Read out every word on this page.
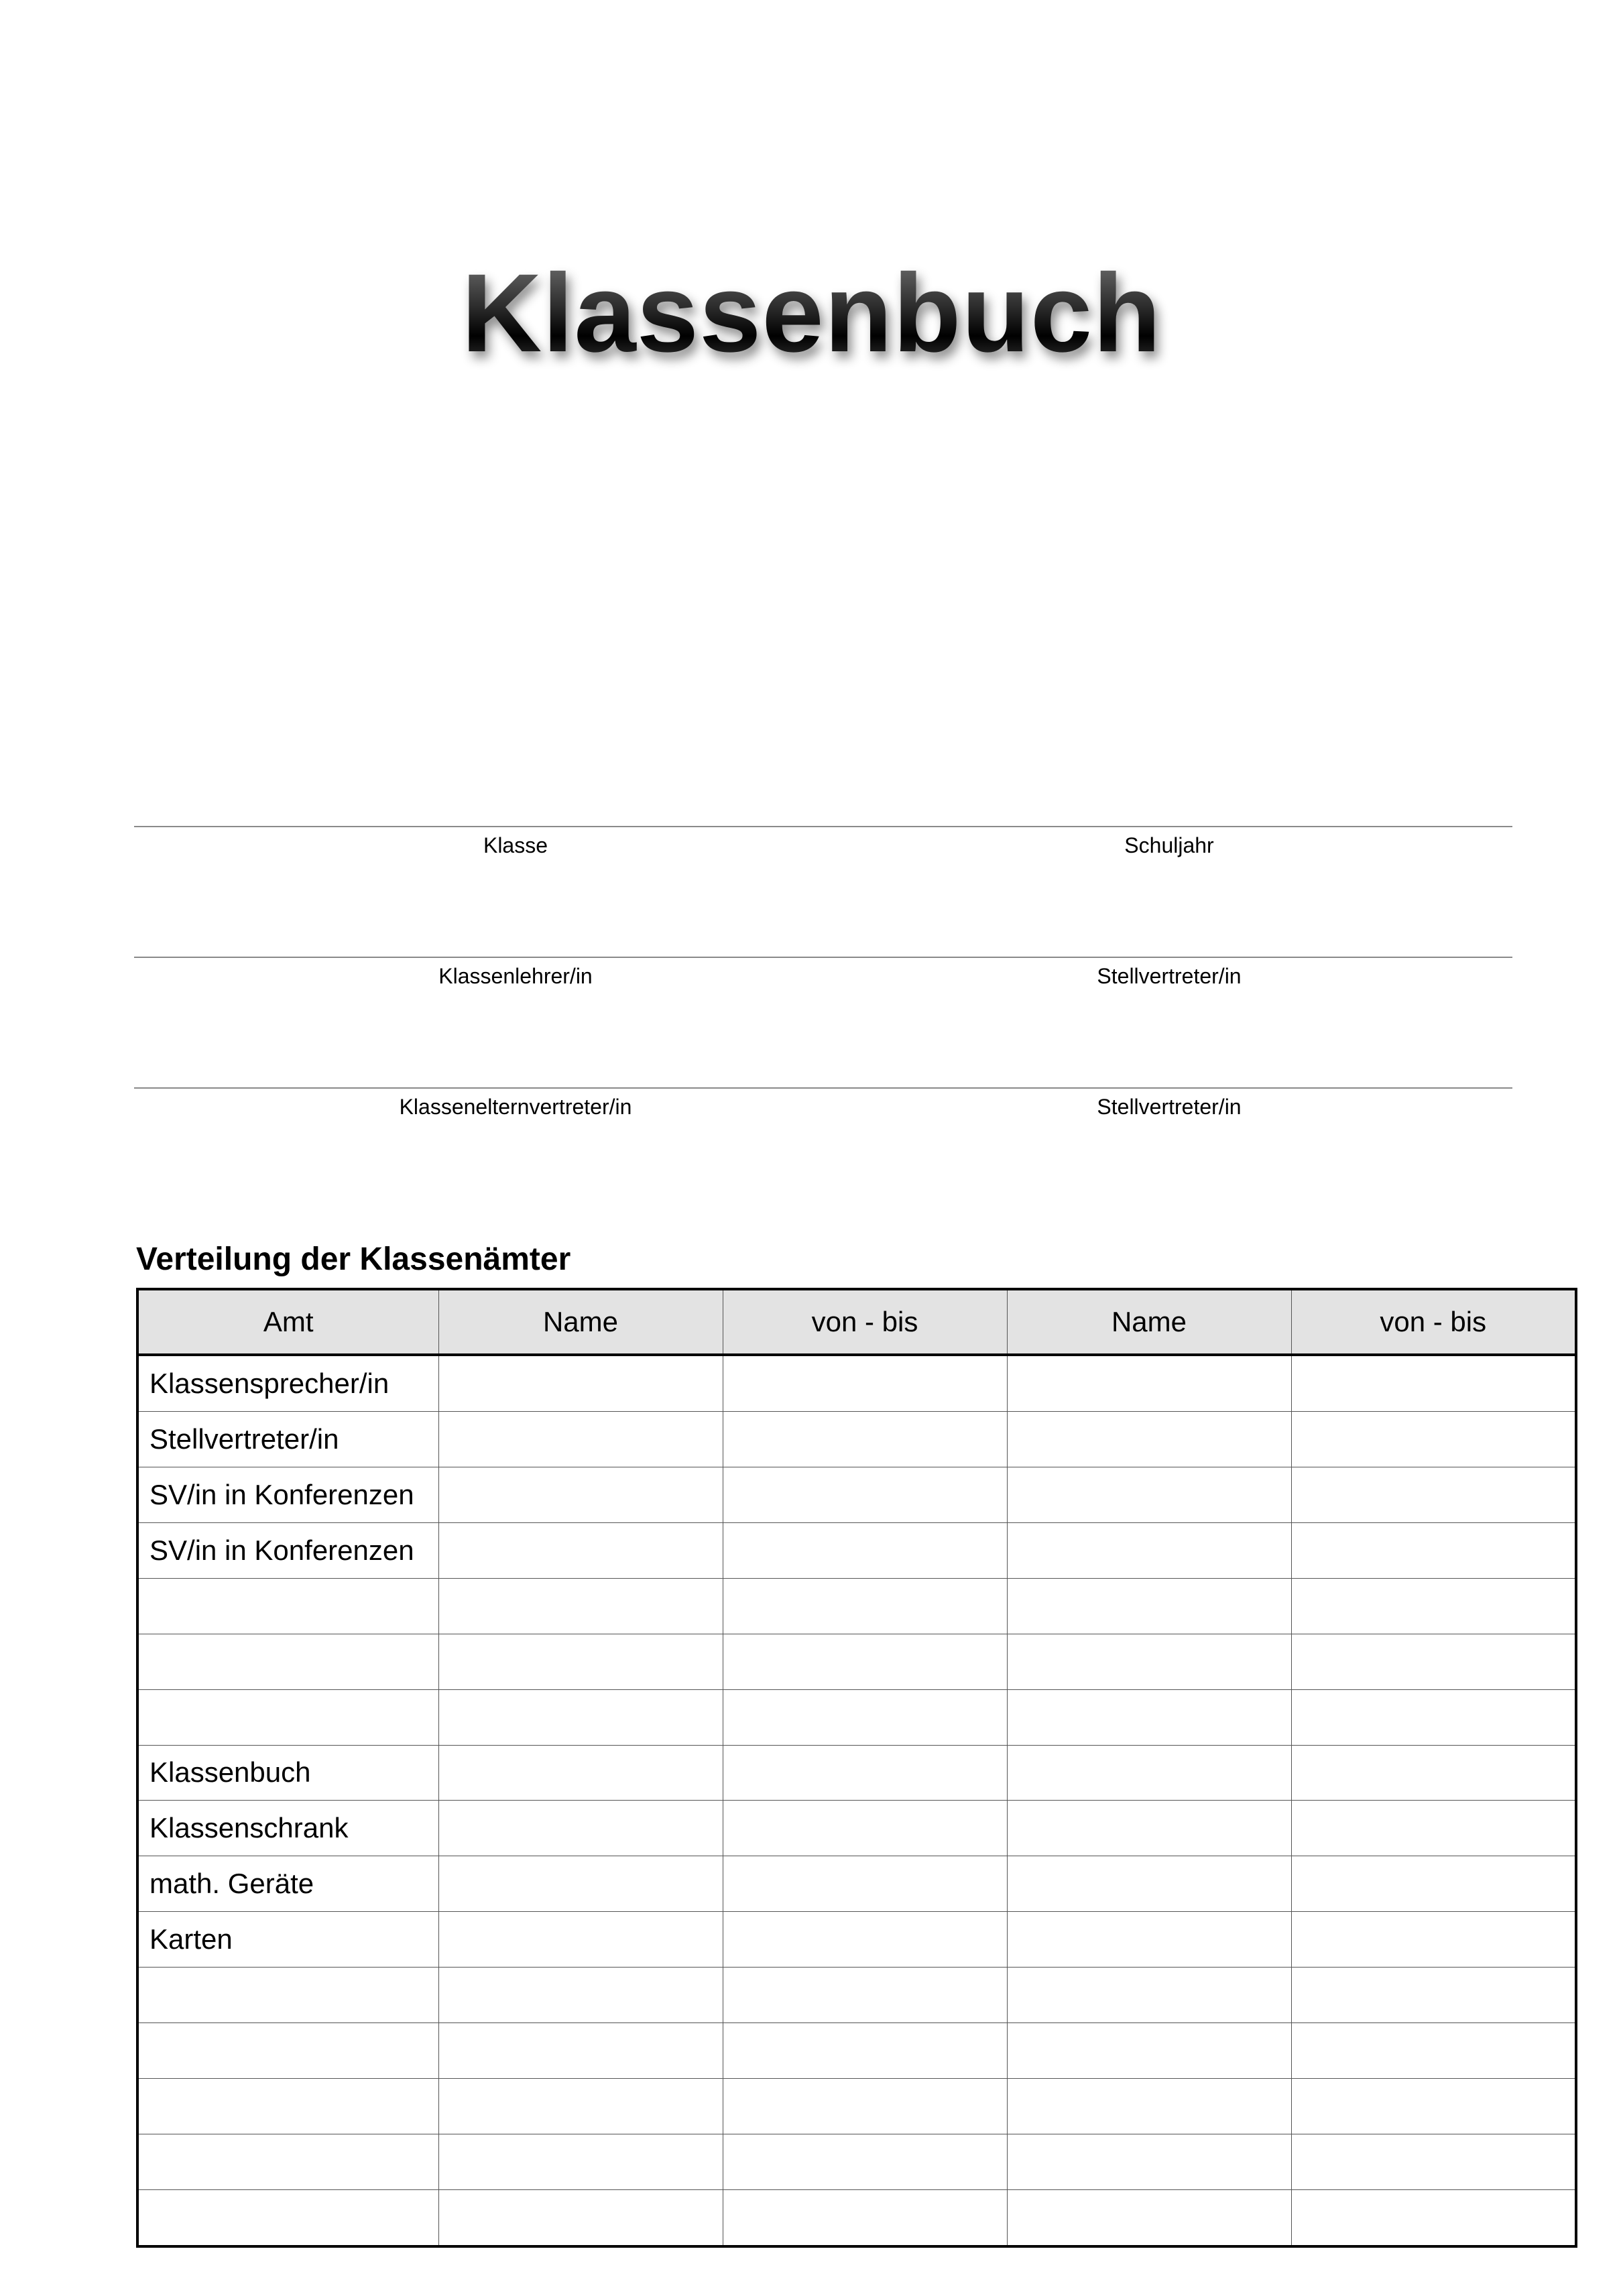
Klassenbuch
Klasse	Schuljahr
Klassenlehrer/in	Stellvertreter/in
Klassenelternvertreter/in	Stellvertreter/in
Verteilung der Klassenämter
Amt	Name	von - bis	Name	von - bis
Klassensprecher/in				
Stellvertreter/in				
SV/in in Konferenzen				
SV/in in Konferenzen				

Klassenbuch				
Klassenschrank				
math. Geräte				
Karten				
